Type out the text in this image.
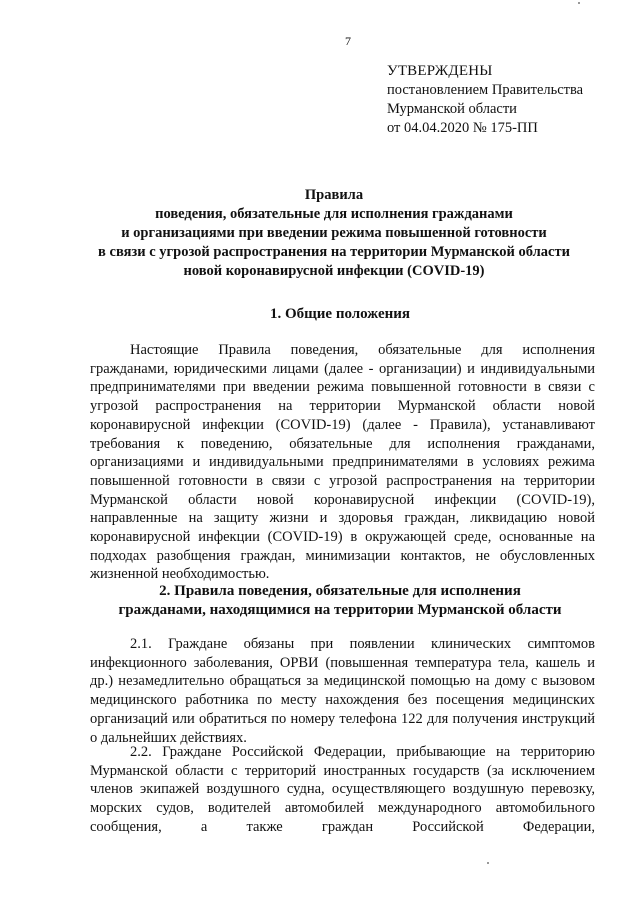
7
УТВЕРЖДЕНЫ
постановлением Правительства
Мурманской области
от 04.04.2020 № 175-ПП
Правила
поведения, обязательные для исполнения гражданами
и организациями при введении режима повышенной готовности
в связи с угрозой распространения на территории Мурманской области
новой коронавирусной инфекции (COVID-19)
1. Общие положения
Настоящие Правила поведения, обязательные для исполнения гражданами, юридическими лицами (далее - организации) и индивидуальными предпринимателями при введении режима повышенной готовности в связи с угрозой распространения на территории Мурманской области новой коронавирусной инфекции (COVID-19) (далее - Правила), устанавливают требования к поведению, обязательные для исполнения гражданами, организациями и индивидуальными предпринимателями в условиях режима повышенной готовности в связи с угрозой распространения на территории Мурманской области новой коронавирусной инфекции (COVID-19), направленные на защиту жизни и здоровья граждан, ликвидацию новой коронавирусной инфекции (COVID-19) в окружающей среде, основанные на подходах разобщения граждан, минимизации контактов, не обусловленных жизненной необходимостью.
2. Правила поведения, обязательные для исполнения
гражданами, находящимися на территории Мурманской области
2.1. Граждане обязаны при появлении клинических симптомов инфекционного заболевания, ОРВИ (повышенная температура тела, кашель и др.) незамедлительно обращаться за медицинской помощью на дому с вызовом медицинского работника по месту нахождения без посещения медицинских организаций или обратиться по номеру телефона 122 для получения инструкций о дальнейших действиях.
2.2. Граждане Российской Федерации, прибывающие на территорию Мурманской области с территорий иностранных государств (за исключением членов экипажей воздушного судна, осуществляющего воздушную перевозку, морских судов, водителей автомобилей международного автомобильного сообщения, а также граждан Российской Федерации,
